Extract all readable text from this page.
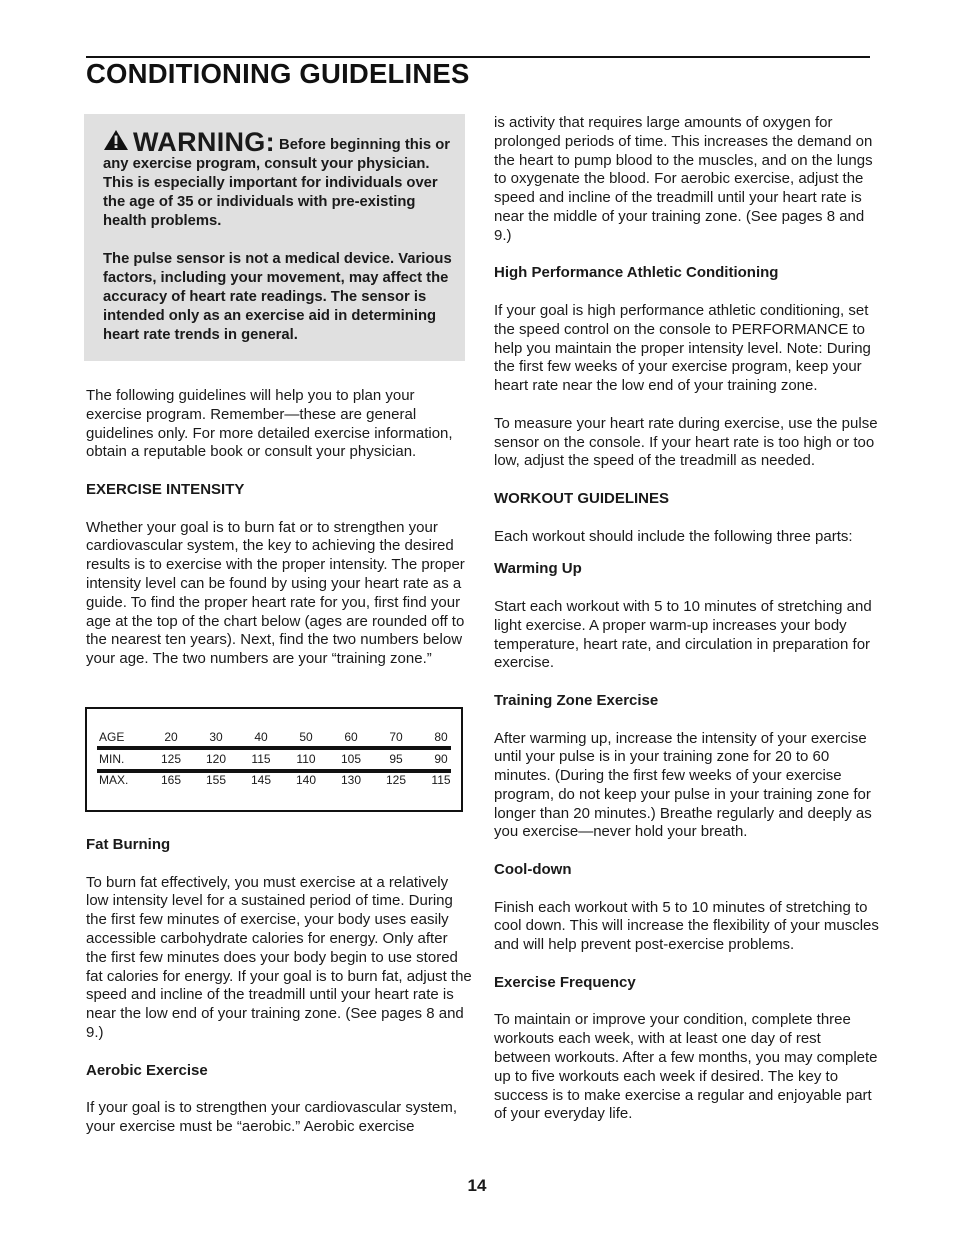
CONDITIONING GUIDELINES

WARNING: Before beginning this or any exercise program, consult your physician. This is especially important for individuals over the age of 35 or individuals with pre-existing health problems.

The pulse sensor is not a medical device. Various factors, including your movement, may affect the accuracy of heart rate readings. The sensor is intended only as an exercise aid in determining heart rate trends in general.

The following guidelines will help you to plan your exercise program. Remember—these are general guidelines only. For more detailed exercise information, obtain a reputable book or consult your physician.

EXERCISE INTENSITY

Whether your goal is to burn fat or to strengthen your cardiovascular system, the key to achieving the desired results is to exercise with the proper intensity. The proper intensity level can be found by using your heart rate as a guide. To find the proper heart rate for you, first find your age at the top of the chart below (ages are rounded off to the nearest ten years). Next, find the two numbers below your age. The two numbers are your “training zone.”

AGE	20	30	40	50	60	70	80
MIN.	125	120	115	110	105	95	90
MAX.	165	155	145	140	130	125	115

Fat Burning

To burn fat effectively, you must exercise at a relatively low intensity level for a sustained period of time. During the first few minutes of exercise, your body uses easily accessible carbohydrate calories for energy. Only after the first few minutes does your body begin to use stored fat calories for energy. If your goal is to burn fat, adjust the speed and incline of the treadmill until your heart rate is near the low end of your training zone. (See pages 8 and 9.)

Aerobic Exercise

If your goal is to strengthen your cardiovascular system, your exercise must be “aerobic.” Aerobic exercise

is activity that requires large amounts of oxygen for prolonged periods of time. This increases the demand on the heart to pump blood to the muscles, and on the lungs to oxygenate the blood. For aerobic exercise, adjust the speed and incline of the treadmill until your heart rate is near the middle of your training zone. (See pages 8 and 9.)

High Performance Athletic Conditioning

If your goal is high performance athletic conditioning, set the speed control on the console to PERFORMANCE to help you maintain the proper intensity level. Note: During the first few weeks of your exercise program, keep your heart rate near the low end of your training zone.

To measure your heart rate during exercise, use the pulse sensor on the console. If your heart rate is too high or too low, adjust the speed of the treadmill as needed.

WORKOUT GUIDELINES

Each workout should include the following three parts:

Warming Up

Start each workout with 5 to 10 minutes of stretching and light exercise. A proper warm-up increases your body temperature, heart rate, and circulation in preparation for exercise.

Training Zone Exercise

After warming up, increase the intensity of your exercise until your pulse is in your training zone for 20 to 60 minutes. (During the first few weeks of your exercise program, do not keep your pulse in your training zone for longer than 20 minutes.) Breathe regularly and deeply as you exercise—never hold your breath.

Cool-down

Finish each workout with 5 to 10 minutes of stretching to cool down. This will increase the flexibility of your muscles and will help prevent post-exercise problems.

Exercise Frequency

To maintain or improve your condition, complete three workouts each week, with at least one day of rest between workouts. After a few months, you may complete up to five workouts each week if desired. The key to success is to make exercise a regular and enjoyable part of your everyday life.

14
